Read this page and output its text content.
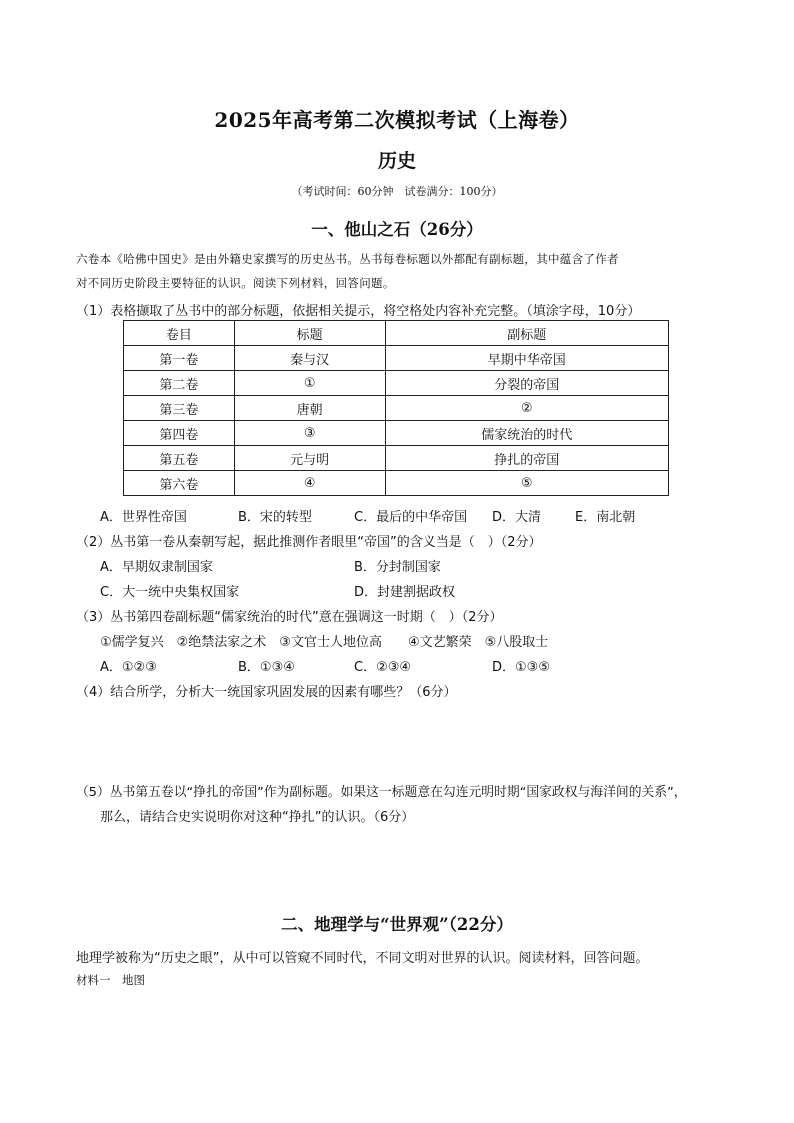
2025年高考第二次模拟考试（上海卷）
历史
（考试时间：60分钟　试卷满分：100分）
一、他山之石（26分）
六卷本《哈佛中国史》是由外籍史家撰写的历史丛书。丛书每卷标题以外都配有副标题，其中蕴含了作者
对不同历史阶段主要特征的认识。阅读下列材料，回答问题。
（1）表格撷取了丛书中的部分标题，依据相关提示，将空格处内容补充完整。（填涂字母，10分）
卷目	标题	副标题
第一卷	秦与汉	早期中华帝国
第二卷	①	分裂的帝国
第三卷	唐朝	②
第四卷	③	儒家统治的时代
第五卷	元与明	挣扎的帝国
第六卷	④	⑤
A．世界性帝国	B．宋的转型	C．最后的中华帝国 D．大清	E．南北朝
（2）丛书第一卷从秦朝写起，据此推测作者眼里“帝国”的含义当是（　）（2分）
A．早期奴隶制国家	B．分封制国家
C．大一统中央集权国家	D．封建割据政权
（3）丛书第四卷副标题“儒家统治的时代”意在强调这一时期（　）（2分）
①儒学复兴　②绝禁法家之术　③文官士人地位高　　④文艺繁荣　⑤八股取士
A．①②③	B．①③④	C．②③④	D．①③⑤
（4）结合所学，分析大一统国家巩固发展的因素有哪些？（6分）
（5）丛书第五卷以“挣扎的帝国”作为副标题。如果这一标题意在勾连元明时期“国家政权与海洋间的关系”，
那么，请结合史实说明你对这种“挣扎”的认识。（6分）
二、地理学与“世界观”（22分）
地理学被称为“历史之眼”，从中可以管窥不同时代，不同文明对世界的认识。阅读材料，回答问题。
材料一　地图
